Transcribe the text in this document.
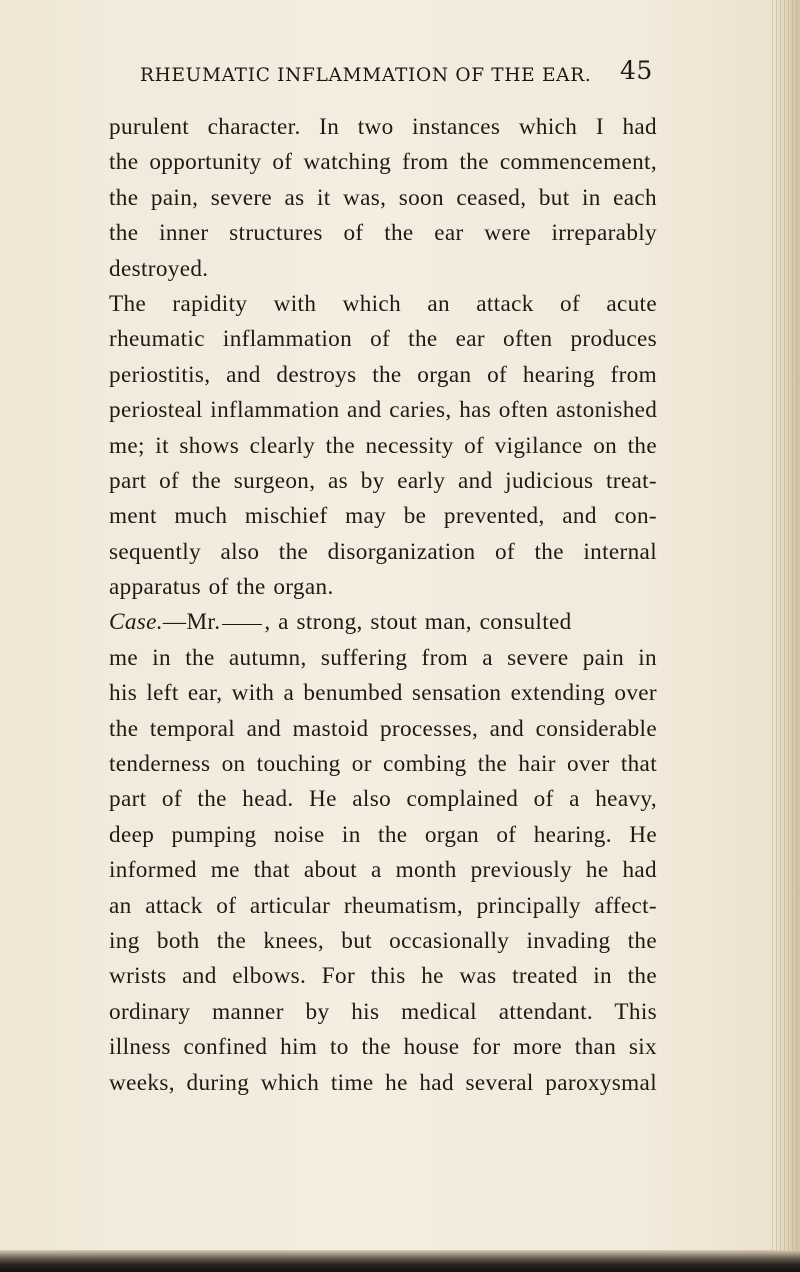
RHEUMATIC INFLAMMATION OF THE EAR. 45
purulent character. In two instances which I had
the opportunity of watching from the commencement,
the pain, severe as it was, soon ceased, but in each
the inner structures of the ear were irreparably
destroyed.
The rapidity with which an attack of acute
rheumatic inflammation of the ear often produces
periostitis, and destroys the organ of hearing from
periosteal inflammation and caries, has often astonished
me; it shows clearly the necessity of vigilance on the
part of the surgeon, as by early and judicious treat-
ment much mischief may be prevented, and con-
sequently also the disorganization of the internal
apparatus of the organ.
Case.—Mr. , a strong, stout man, consulted
me in the autumn, suffering from a severe pain in
his left ear, with a benumbed sensation extending over
the temporal and mastoid processes, and considerable
tenderness on touching or combing the hair over that
part of the head. He also complained of a heavy,
deep pumping noise in the organ of hearing. He
informed me that about a month previously he had
an attack of articular rheumatism, principally affect-
ing both the knees, but occasionally invading the
wrists and elbows. For this he was treated in the
ordinary manner by his medical attendant. This
illness confined him to the house for more than six
weeks, during which time he had several paroxysmal
